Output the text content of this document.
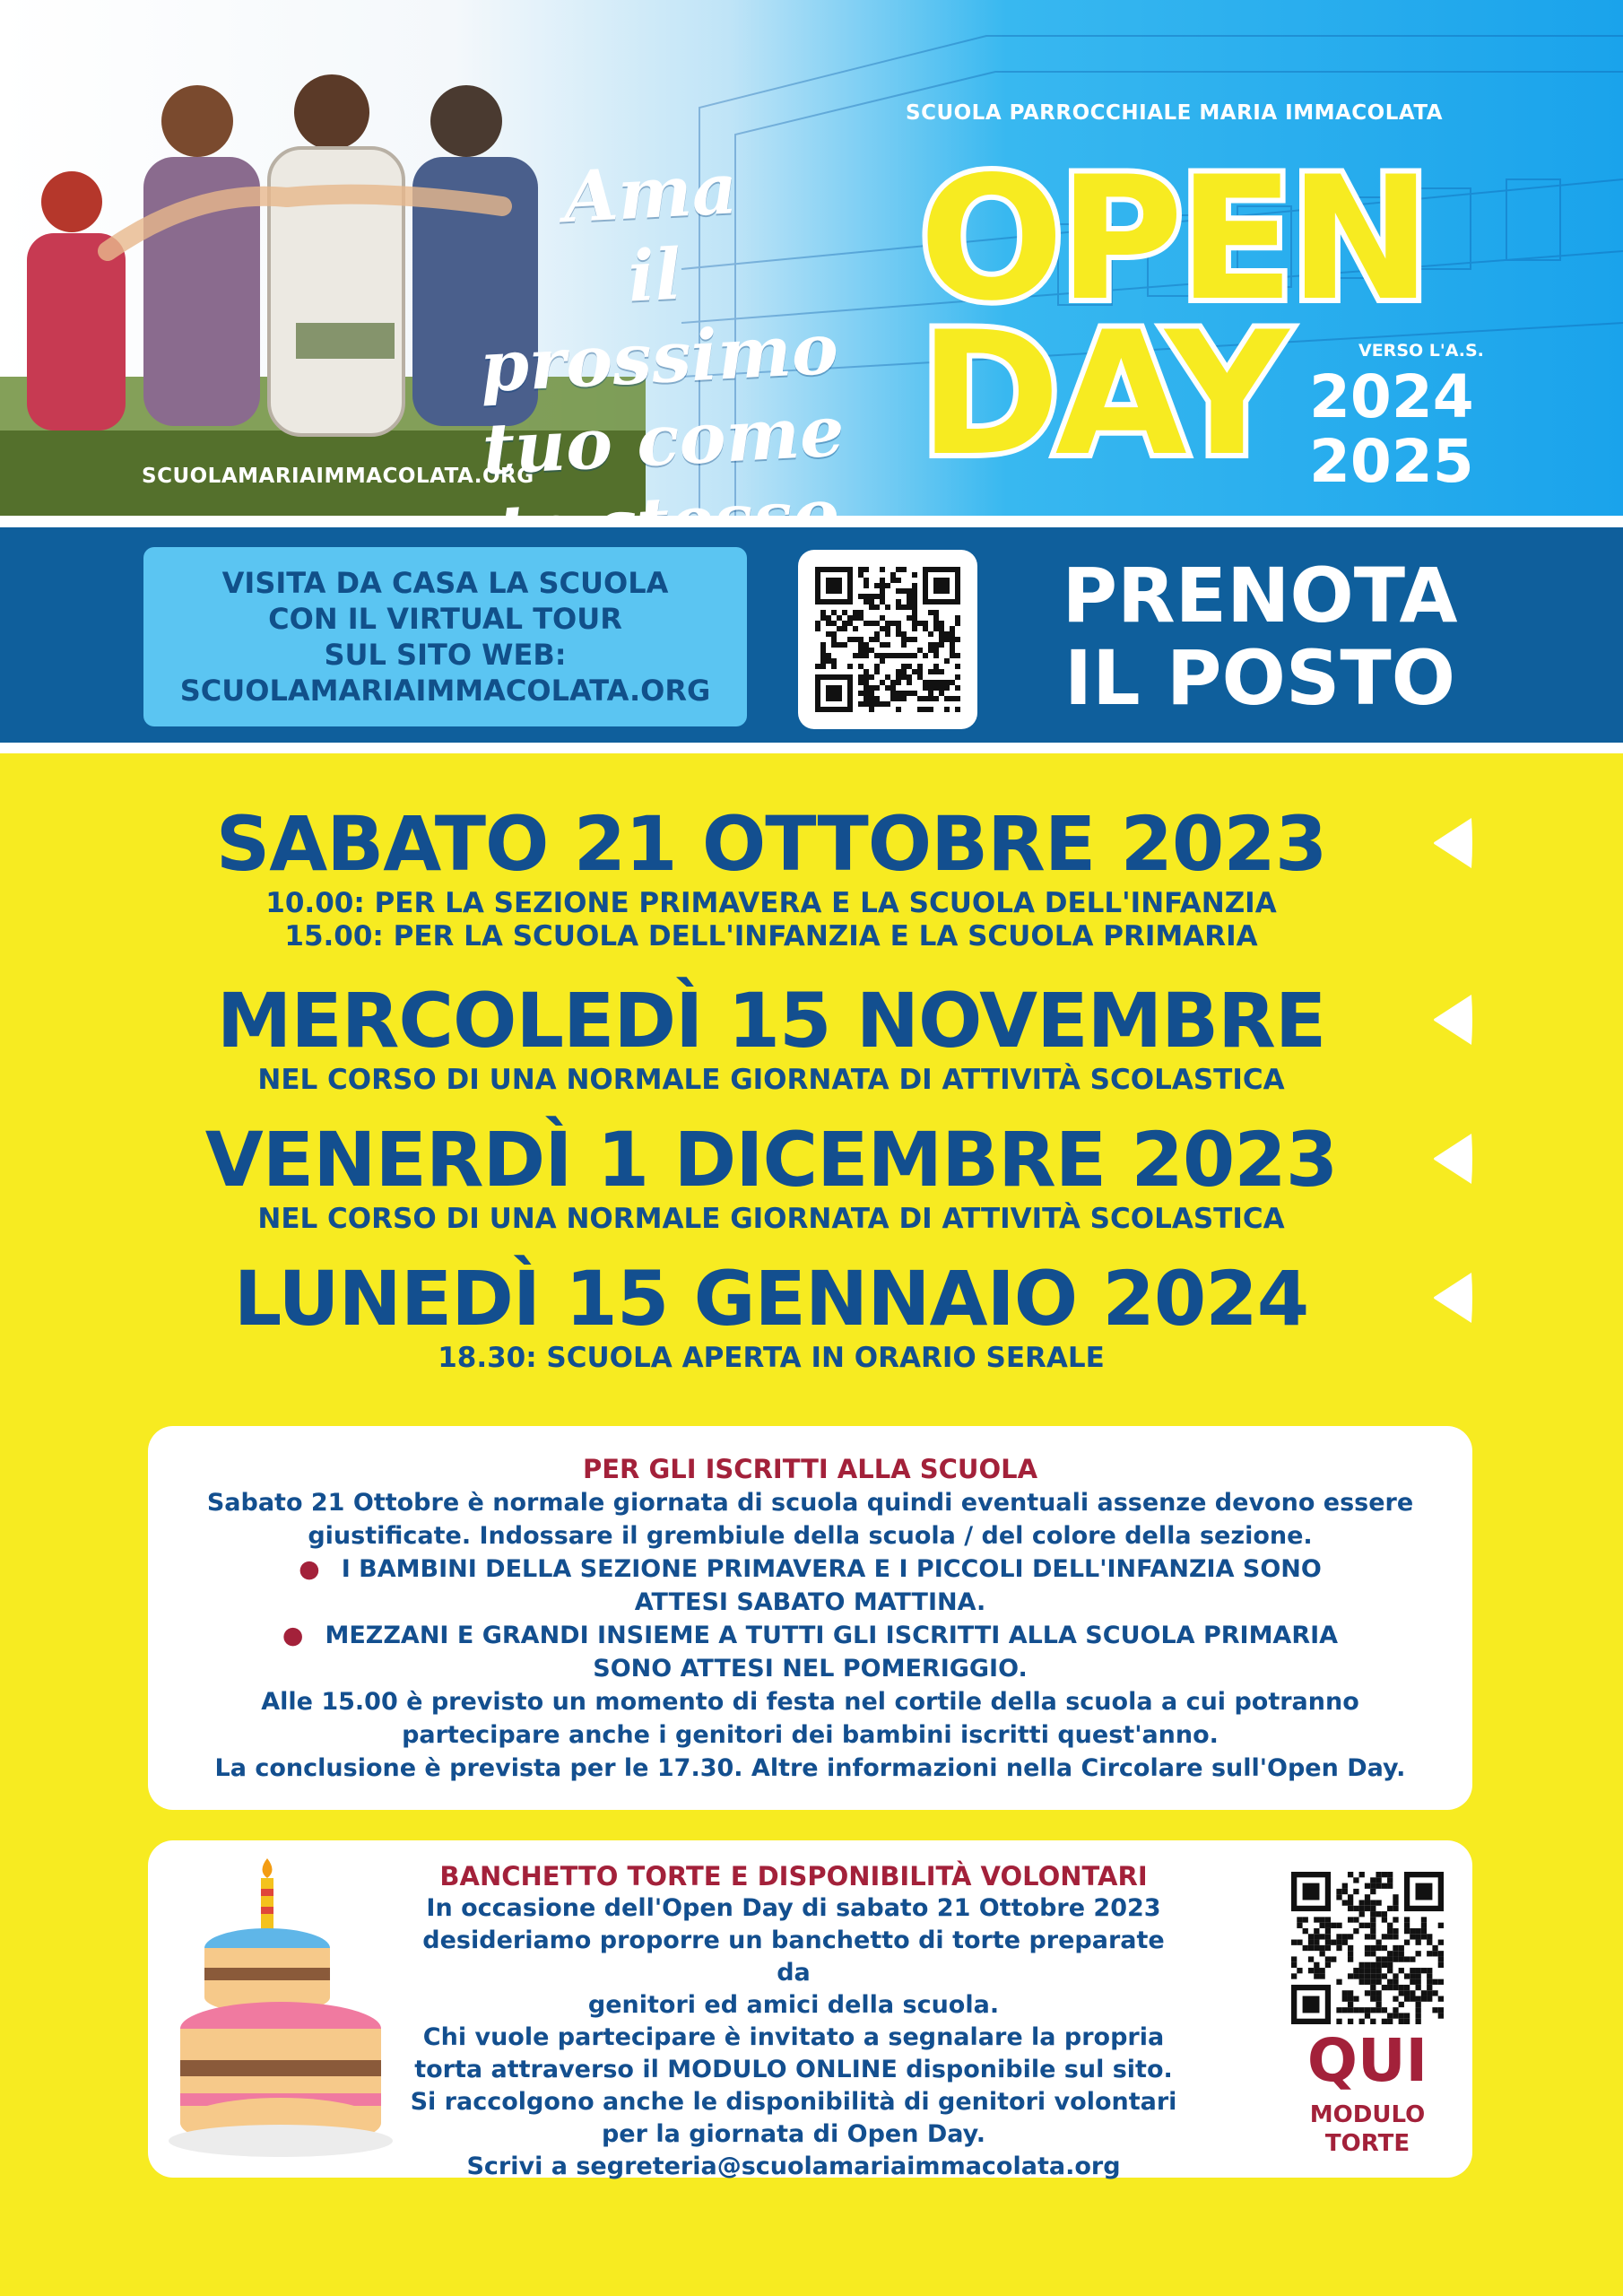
Ama
il prossimo
tuo come
SCUOLAMARIAIMMACOLATA.ORG
SCUOLA PARROCCHIALE MARIA IMMACOLATA
OPEN
DAY	VERSO L'A.S.
2024
2025
VISITA DA CASA LA SCUOLA
CON IL VIRTUAL TOUR
SUL SITO WEB:
SCUOLAMARIAIMMACOLATA.ORG
PRENOTA
IL POSTO
SABATO 21 OTTOBRE 2023
10.00: PER LA SEZIONE PRIMAVERA E LA SCUOLA DELL'INFANZIA
15.00: PER LA SCUOLA DELL'INFANZIA E LA SCUOLA PRIMARIA
MERCOLEDÌ 15 NOVEMBRE
NEL CORSO DI UNA NORMALE GIORNATA DI ATTIVITÀ SCOLASTICA
VENERDÌ 1 DICEMBRE 2023
NEL CORSO DI UNA NORMALE GIORNATA DI ATTIVITÀ SCOLASTICA
LUNEDÌ 15 GENNAIO 2024
18.30: SCUOLA APERTA IN ORARIO SERALE
PER GLI ISCRITTI ALLA SCUOLA
Sabato 21 Ottobre è normale giornata di scuola quindi eventuali assenze devono essere
giustificate. Indossare il grembiule della scuola / del colore della sezione.
● I BAMBINI DELLA SEZIONE PRIMAVERA E I PICCOLI DELL'INFANZIA SONO
ATTESI SABATO MATTINA.
● MEZZANI E GRANDI INSIEME A TUTTI GLI ISCRITTI ALLA SCUOLA PRIMARIA
SONO ATTESI NEL POMERIGGIO.
Alle 15.00 è previsto un momento di festa nel cortile della scuola a cui potranno
partecipare anche i genitori dei bambini iscritti quest'anno.
La conclusione è prevista per le 17.30. Altre informazioni nella Circolare sull'Open Day.
BANCHETTO TORTE E DISPONIBILITÀ VOLONTARI
In occasione dell'Open Day di sabato 21 Ottobre 2023
desideriamo proporre un banchetto di torte preparate da
genitori ed amici della scuola.
Chi vuole partecipare è invitato a segnalare la propria
torta attraverso il MODULO ONLINE disponibile sul sito.
Si raccolgono anche le disponibilità di genitori volontari
per la giornata di Open Day.
Scrivi a segreteria@scuolamariaimmacolata.org
QUI
MODULO
TORTE
